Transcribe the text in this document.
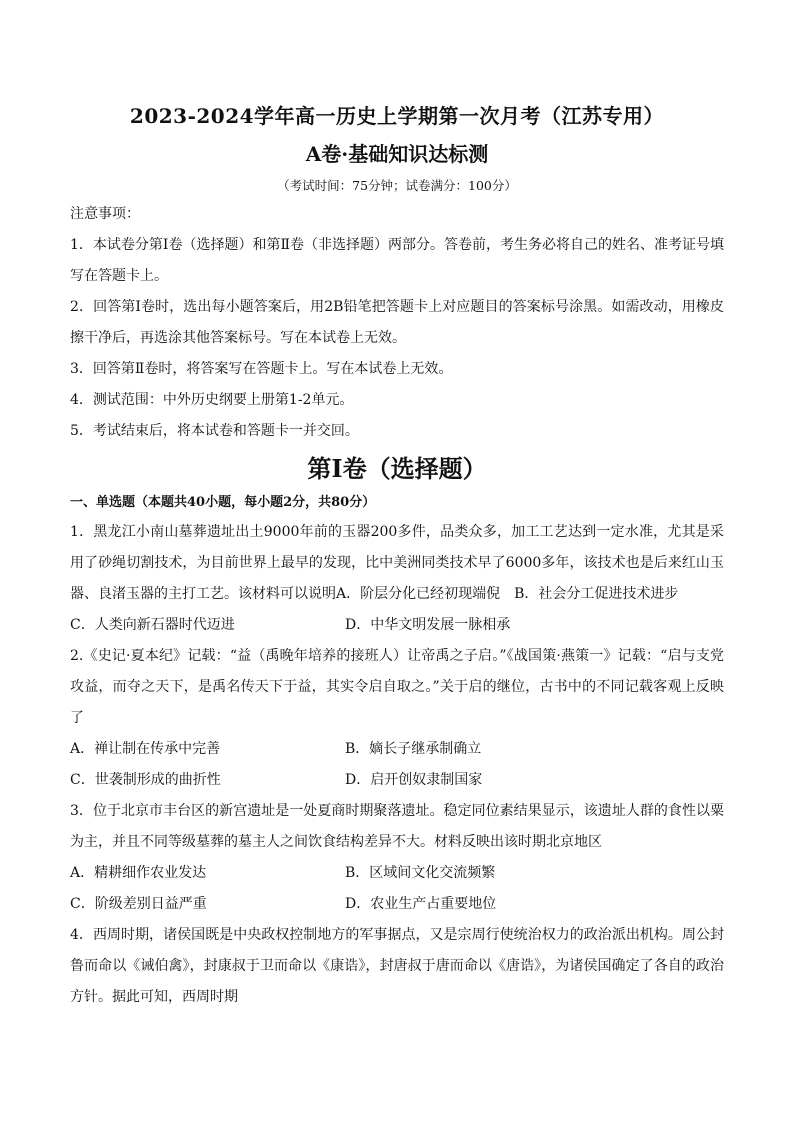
2023-2024学年高一历史上学期第一次月考（江苏专用）
A卷·基础知识达标测
（考试时间：75分钟；试卷满分：100分）
注意事项：
1．本试卷分第Ⅰ卷（选择题）和第Ⅱ卷（非选择题）两部分。答卷前，考生务必将自己的姓名、准考证号填写在答题卡上。
2．回答第Ⅰ卷时，选出每小题答案后，用2B铅笔把答题卡上对应题目的答案标号涂黑。如需改动，用橡皮擦干净后，再选涂其他答案标号。写在本试卷上无效。
3．回答第Ⅱ卷时，将答案写在答题卡上。写在本试卷上无效。
4．测试范围：中外历史纲要上册第1-2单元。
5．考试结束后，将本试卷和答题卡一并交回。
第Ⅰ卷（选择题）
一、单选题（本题共40小题，每小题2分，共80分）
1．黑龙江小南山墓葬遗址出土9000年前的玉器200多件，品类众多，加工工艺达到一定水准，尤其是采用了砂绳切割技术，为目前世界上最早的发现，比中美洲同类技术早了6000多年，该技术也是后来红山玉器、良渚玉器的主打工艺。该材料可以说明A．阶层分化已经初现端倪　B．社会分工促进技术进步
C．人类向新石器时代迈进	D．中华文明发展一脉相承
2.《史记·夏本纪》记载：“益（禹晚年培养的接班人）让帝禹之子启。”《战国策·燕策一》记载：“启与支党攻益，而夺之天下，是禹名传天下于益，其实令启自取之。”关于启的继位，古书中的不同记载客观上反映了
A．禅让制在传承中完善	B．嫡长子继承制确立
C．世袭制形成的曲折性	D．启开创奴隶制国家
3．位于北京市丰台区的新宫遗址是一处夏商时期聚落遗址。稳定同位素结果显示，该遗址人群的食性以粟为主，并且不同等级墓葬的墓主人之间饮食结构差异不大。材料反映出该时期北京地区
A．精耕细作农业发达	B．区域间文化交流频繁
C．阶级差别日益严重	D．农业生产占重要地位
4．西周时期，诸侯国既是中央政权控制地方的军事据点，又是宗周行使统治权力的政治派出机构。周公封鲁而命以《诫伯禽》，封康叔于卫而命以《康诰》，封唐叔于唐而命以《唐诰》，为诸侯国确定了各自的政治方针。据此可知，西周时期
